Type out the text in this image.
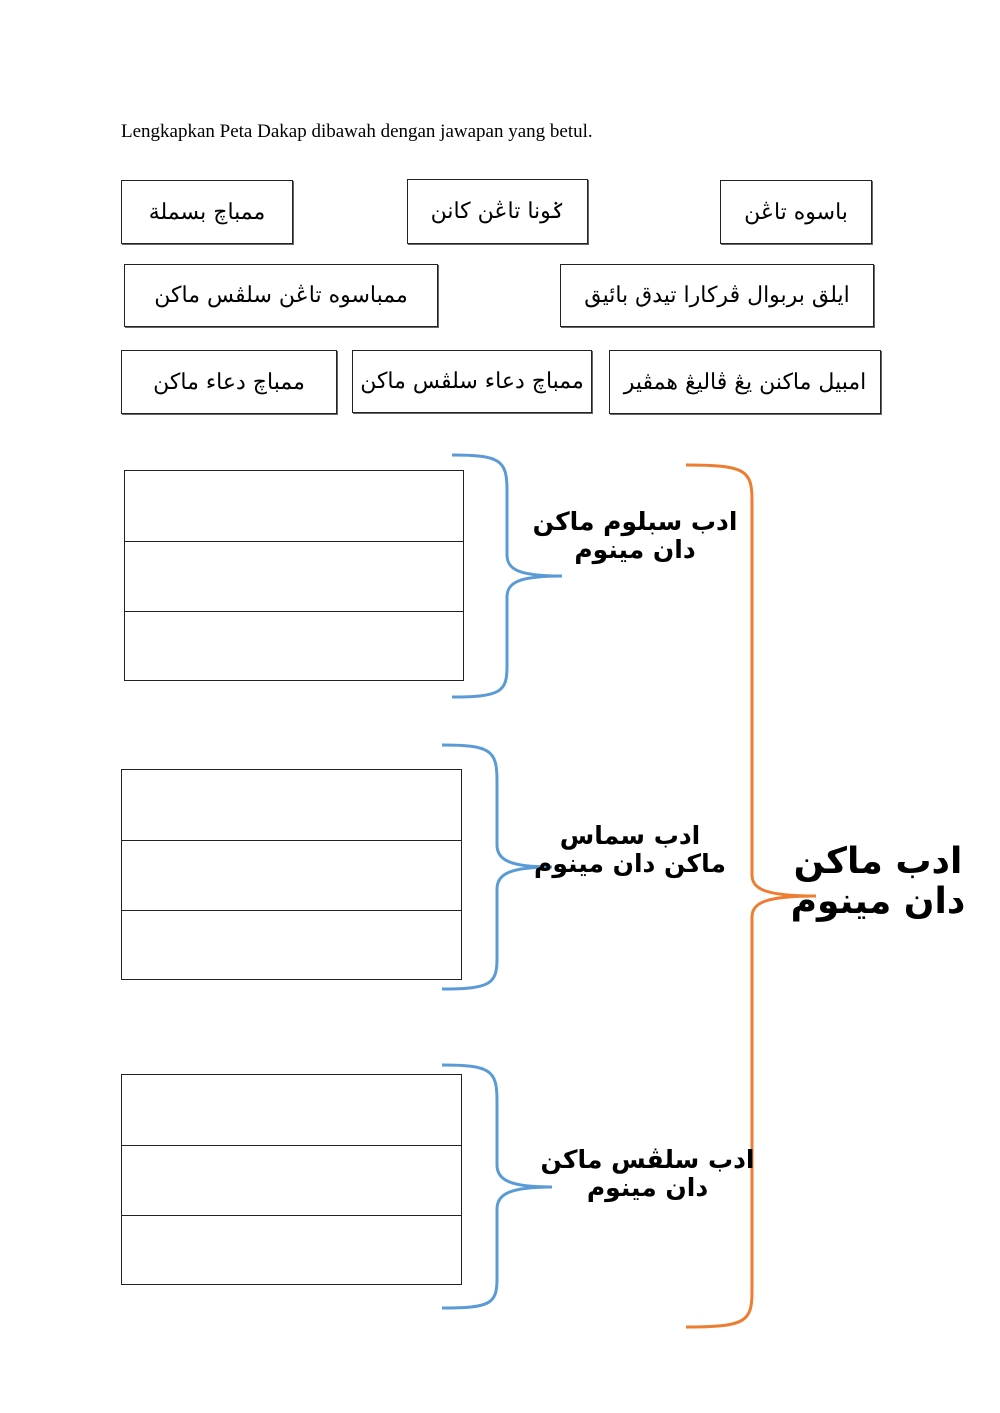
Lengkapkan Peta Dakap dibawah dengan jawapan yang betul.
ممباچ بسملة	ݢونا تاڠن كانن	باسوه تاڠن
ممباسوه تاڠن سلڤس ماكن	ايلق بربوال ڤركارا تيدق بائيق
ممباچ دعاء ماكن	ممباچ دعاء سلڤس ماكن	امبيل ماكنن يڠ ڤاليڠ همڤير
ادب سبلوم ماكن دان مينوم
ادب سماس ماكن دان مينوم
ادب سلڤس ماكن دان مينوم
ادب ماكن دان مينوم
